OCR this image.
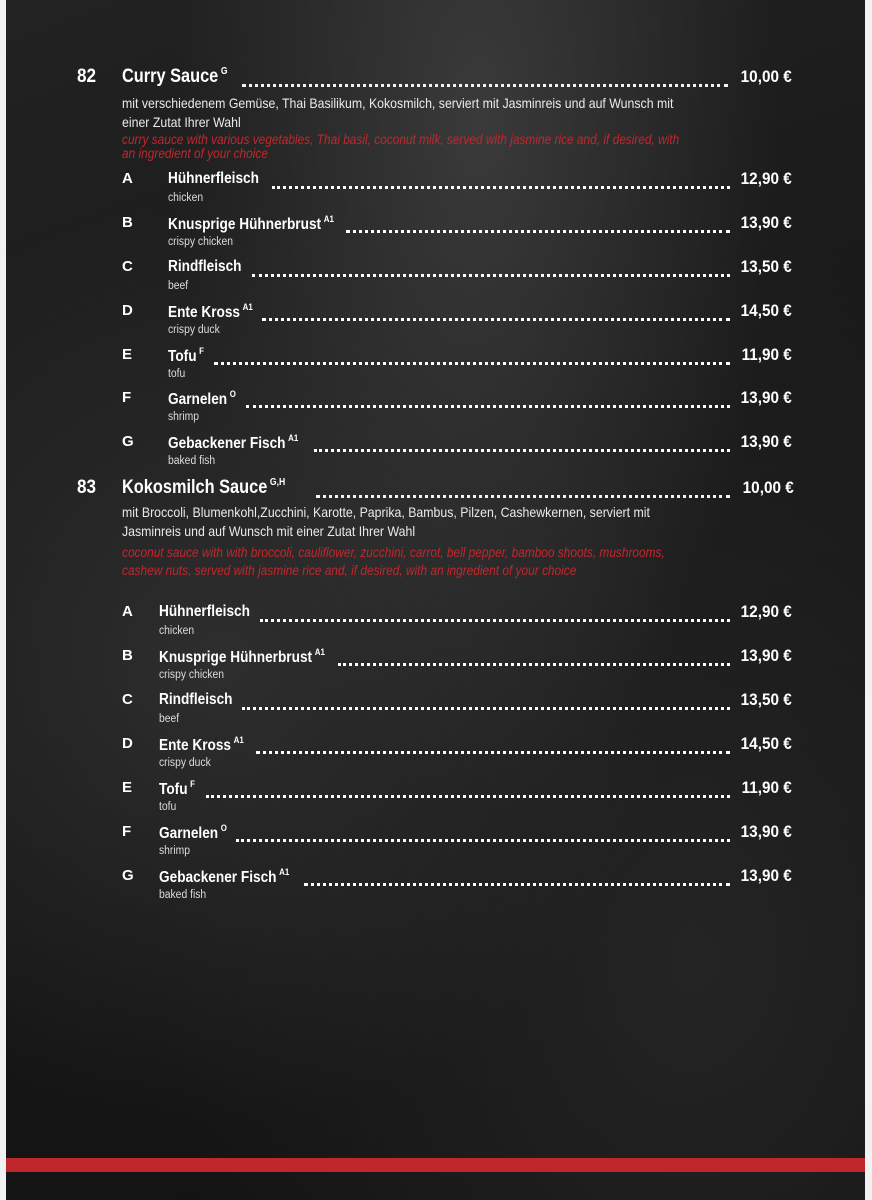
82 Curry Sauce $^G$	10,00 €
mit verschiedenem Gemüse, Thai Basilikum, Kokosmilch, serviert mit Jasminreis und auf Wunsch mit einer Zutat Ihrer Wahl
curry sauce with various vegetables, Thai basil, coconut milk, served with jasmine rice and, if desired, with an ingredient of your choice
A Hühnerfleisch	12,90 €
chicken
B Knusprige Hühnerbrust $^{A1}$	13,90 €
crispy chicken
C Rindfleisch	13,50 €
beef
D Ente Kross $^{A1}$	14,50 €
crispy duck
E Tofu $^F$	11,90 €
tofu
F Garnelen $^O$	13,90 €
shrimp
G Gebackener Fisch $^{A1}$	13,90 €
baked fish
83 Kokosmilch Sauce $^{G,H}$	10,00 €
mit Broccoli, Blumenkohl,Zucchini, Karotte, Paprika, Bambus, Pilzen, Cashewkernen, serviert mit Jasminreis und auf Wunsch mit einer Zutat Ihrer Wahl
coconut sauce with with broccoli, cauliflower, zucchini, carrot, bell pepper, bamboo shoots, mushrooms, cashew nuts, served with jasmine rice and, if desired, with an ingredient of your choice
A Hühnerfleisch	12,90 €
chicken
B Knusprige Hühnerbrust $^{A1}$	13,90 €
crispy chicken
C Rindfleisch	13,50 €
beef
D Ente Kross $^{A1}$	14,50 €
crispy duck
E Tofu $^F$	11,90 €
tofu
F Garnelen $^O$	13,90 €
shrimp
G Gebackener Fisch $^{A1}$	13,90 €
baked fish
